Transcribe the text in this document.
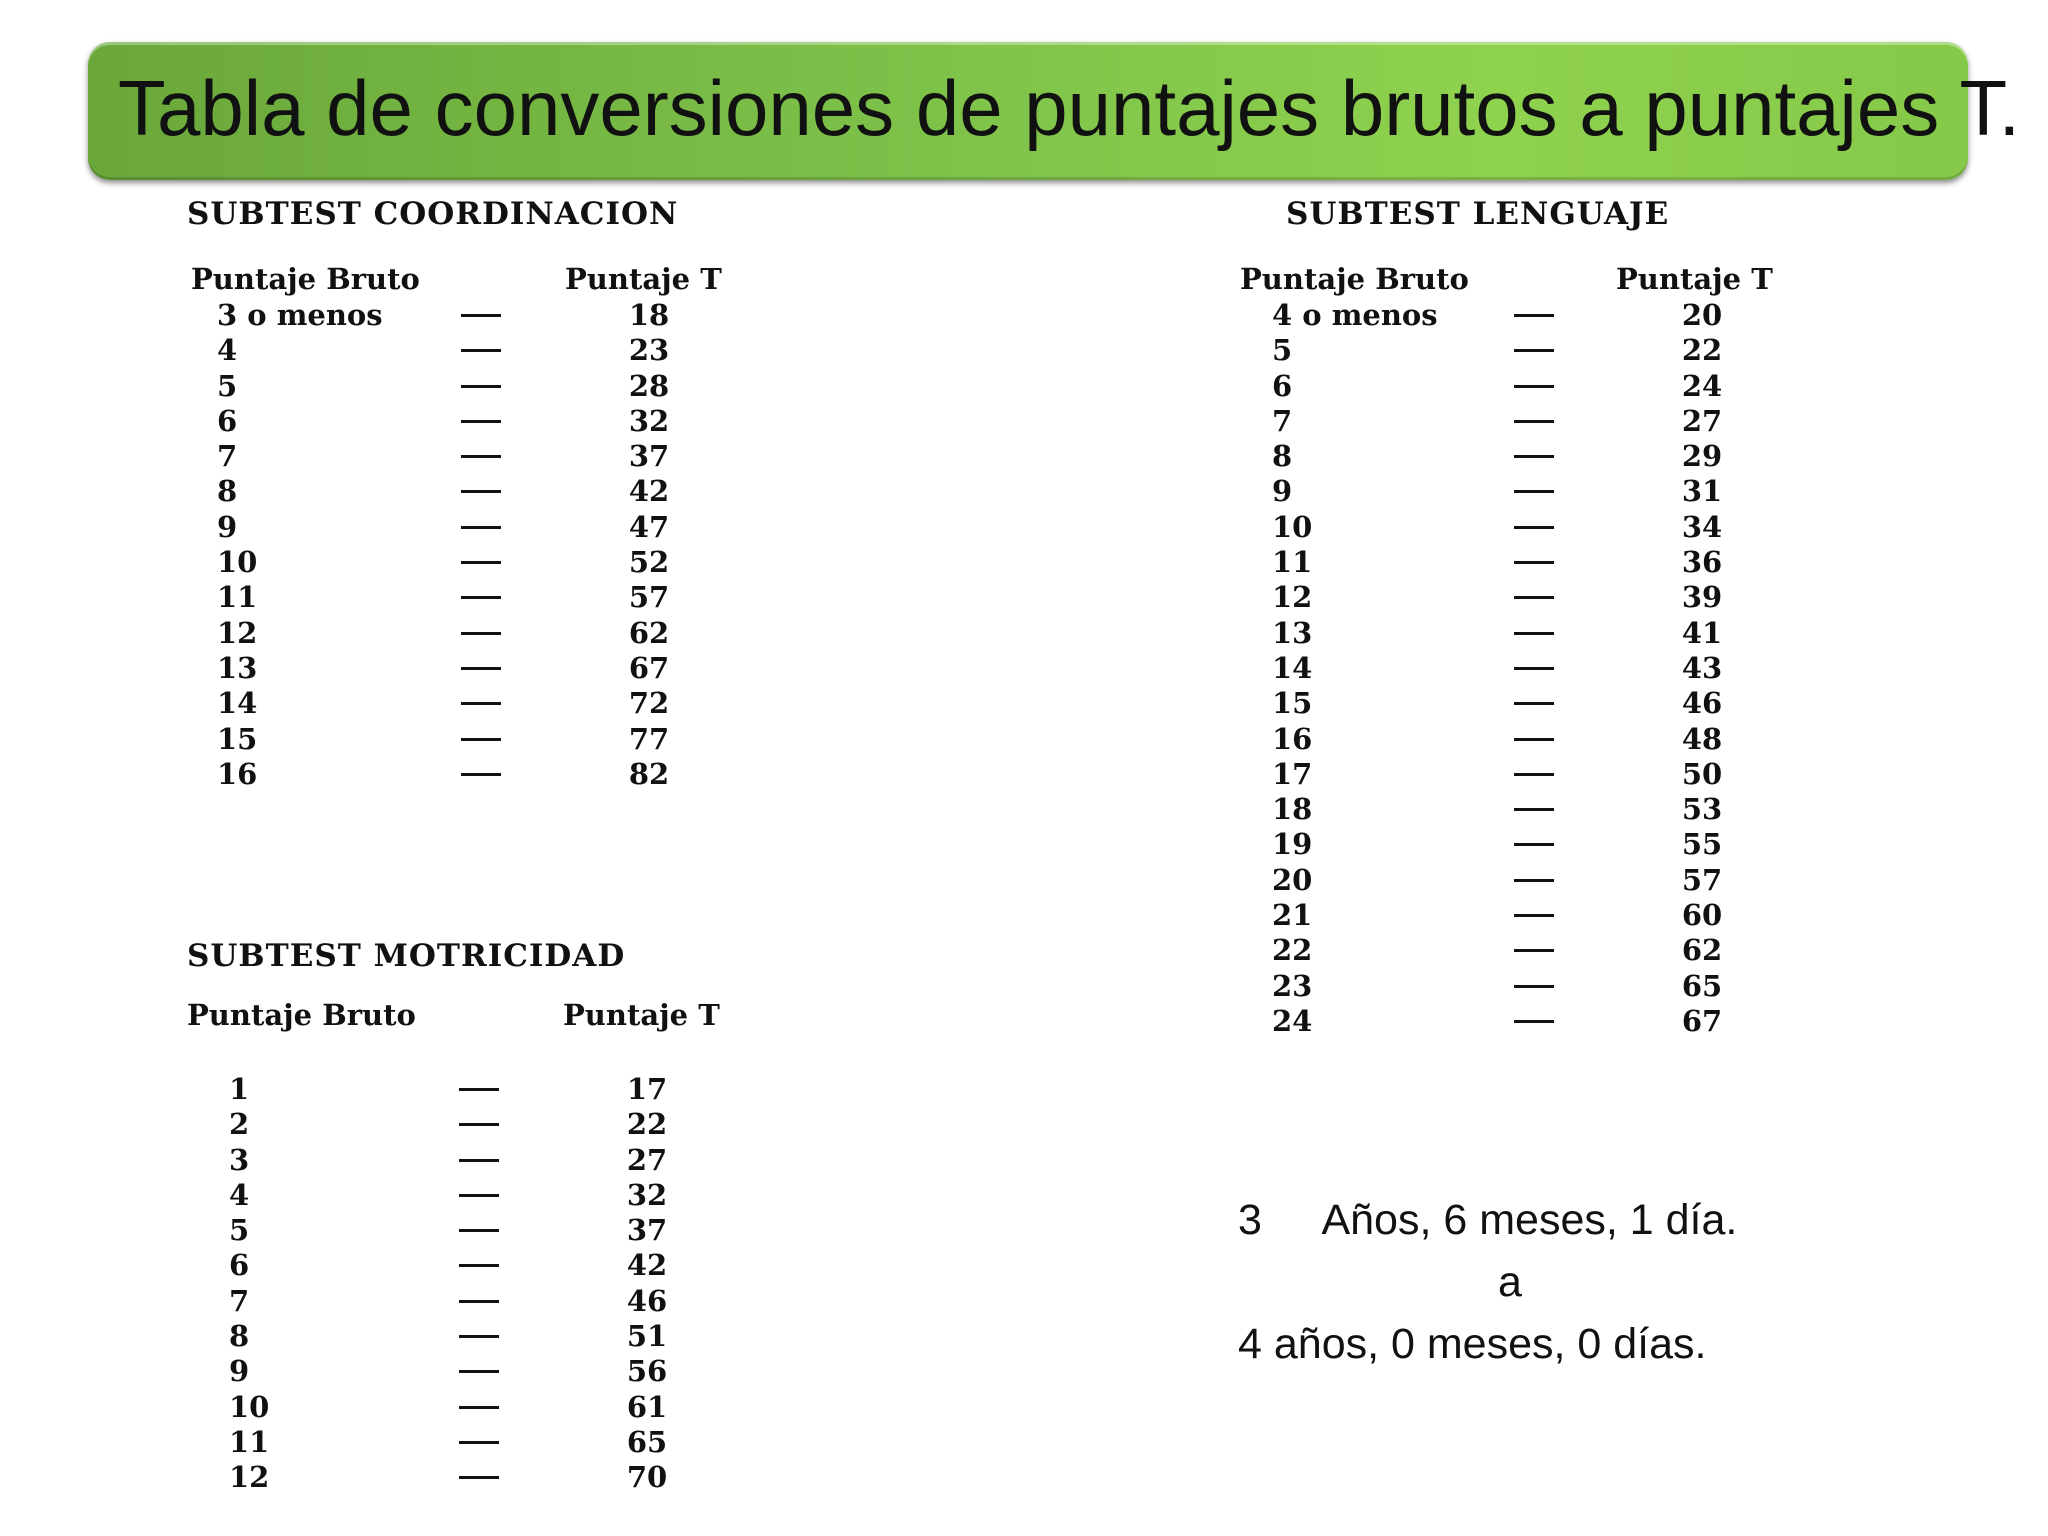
Tabla de conversiones de puntajes brutos a puntajes T.
SUBTEST COORDINACION
Puntaje Bruto	Puntaje T
3 o menos	18
4	23
5	28
6	32
7	37
8	42
9	47
10	52
11	57
12	62
13	67
14	72
15	77
16	82
SUBTEST MOTRICIDAD
Puntaje Bruto	Puntaje T
1	17
2	22
3	27
4	32
5	37
6	42
7	46
8	51
9	56
10	61
11	65
12	70
SUBTEST LENGUAJE
Puntaje Bruto	Puntaje T
4 o menos	20
5	22
6	24
7	27
8	29
9	31
10	34
11	36
12	39
13	41
14	43
15	46
16	48
17	50
18	53
19	55
20	57
21	60
22	62
23	65
24	67
3 Años, 6 meses, 1 día.
a
4 años, 0 meses, 0 días.
